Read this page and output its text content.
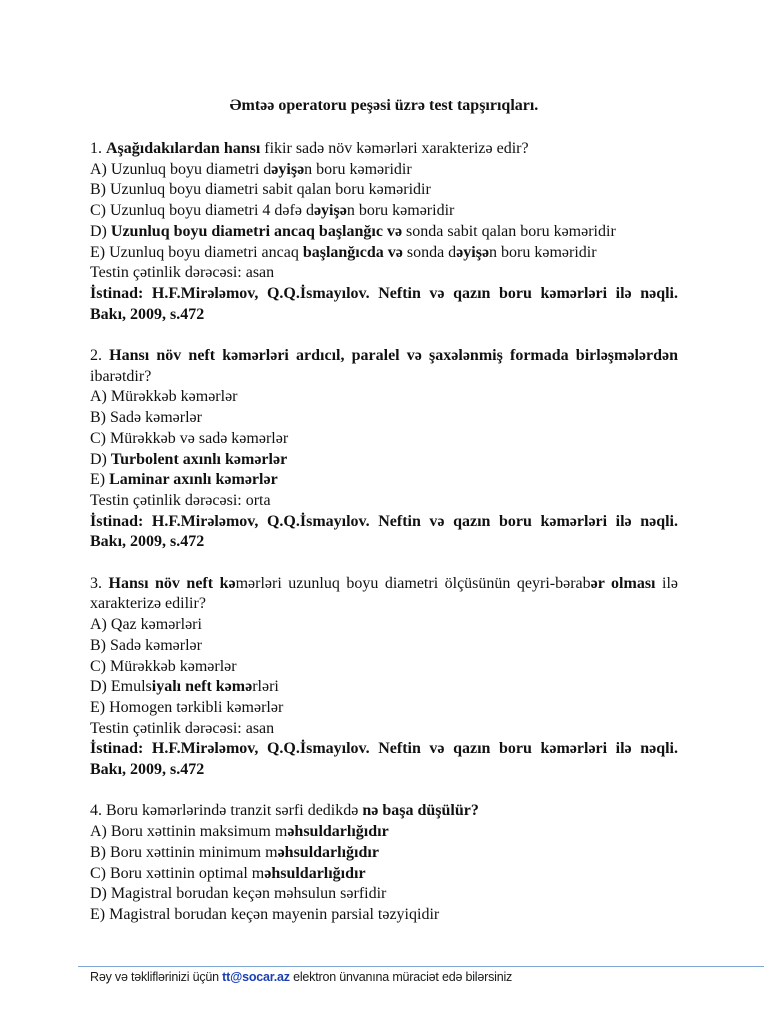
Əmtəə operatoru peşəsi üzrə test tapşırıqları.
1. Aşağıdakılardan hansı fikir sadə növ kəmərləri xarakterizə edir?
A) Uzunluq boyu diametri dəyişən boru kəməridir
B) Uzunluq boyu diametri sabit qalan boru kəməridir
C) Uzunluq boyu diametri 4 dəfə dəyişən boru kəməridir
D) Uzunluq boyu diametri ancaq başlanğıc və sonda sabit qalan boru kəməridir
E) Uzunluq boyu diametri ancaq başlanğıcda və sonda dəyişən boru kəməridir
Testin çətinlik dərəcəsi: asan
İstinad: H.F.Mirələmov, Q.Q.İsmayılov. Neftin və qazın boru kəmərləri ilə nəqli.
Bakı, 2009, s.472
2. Hansı növ neft kəmərləri ardıcıl, paralel və şaxələnmiş formada birləşmələrdən ibarətdir?
A) Mürəkkəb kəmərlər
B) Sadə kəmərlər
C) Mürəkkəb və sadə kəmərlər
D) Turbolent axınlı kəmərlər
E) Laminar axınlı kəmərlər
Testin çətinlik dərəcəsi: orta
İstinad: H.F.Mirələmov, Q.Q.İsmayılov. Neftin və qazın boru kəmərləri ilə nəqli.
Bakı, 2009, s.472
3. Hansı növ neft kəmərləri uzunluq boyu diametri ölçüsünün qeyri-bərabər olması ilə xarakterizə edilir?
A) Qaz kəmərləri
B) Sadə kəmərlər
C) Mürəkkəb kəmərlər
D) Emulsiyalı neft kəmərləri
E) Homogen tərkibli kəmərlər
Testin çətinlik dərəcəsi: asan
İstinad: H.F.Mirələmov, Q.Q.İsmayılov. Neftin və qazın boru kəmərləri ilə nəqli.
Bakı, 2009, s.472
4. Boru kəmərlərində tranzit sərfi dedikdə nə başa düşülür?
A) Boru xəttinin maksimum məhsuldarlığıdır
B) Boru xəttinin minimum məhsuldarlığıdır
C) Boru xəttinin optimal məhsuldarlığıdır
D) Magistral borudan keçən məhsulun sərfidir
E) Magistral borudan keçən mayenin parsial təzyiqidir
Rəy və təkliflərinizi üçün tt@socar.az elektron ünvanına müraciət edə bilərsiniz
